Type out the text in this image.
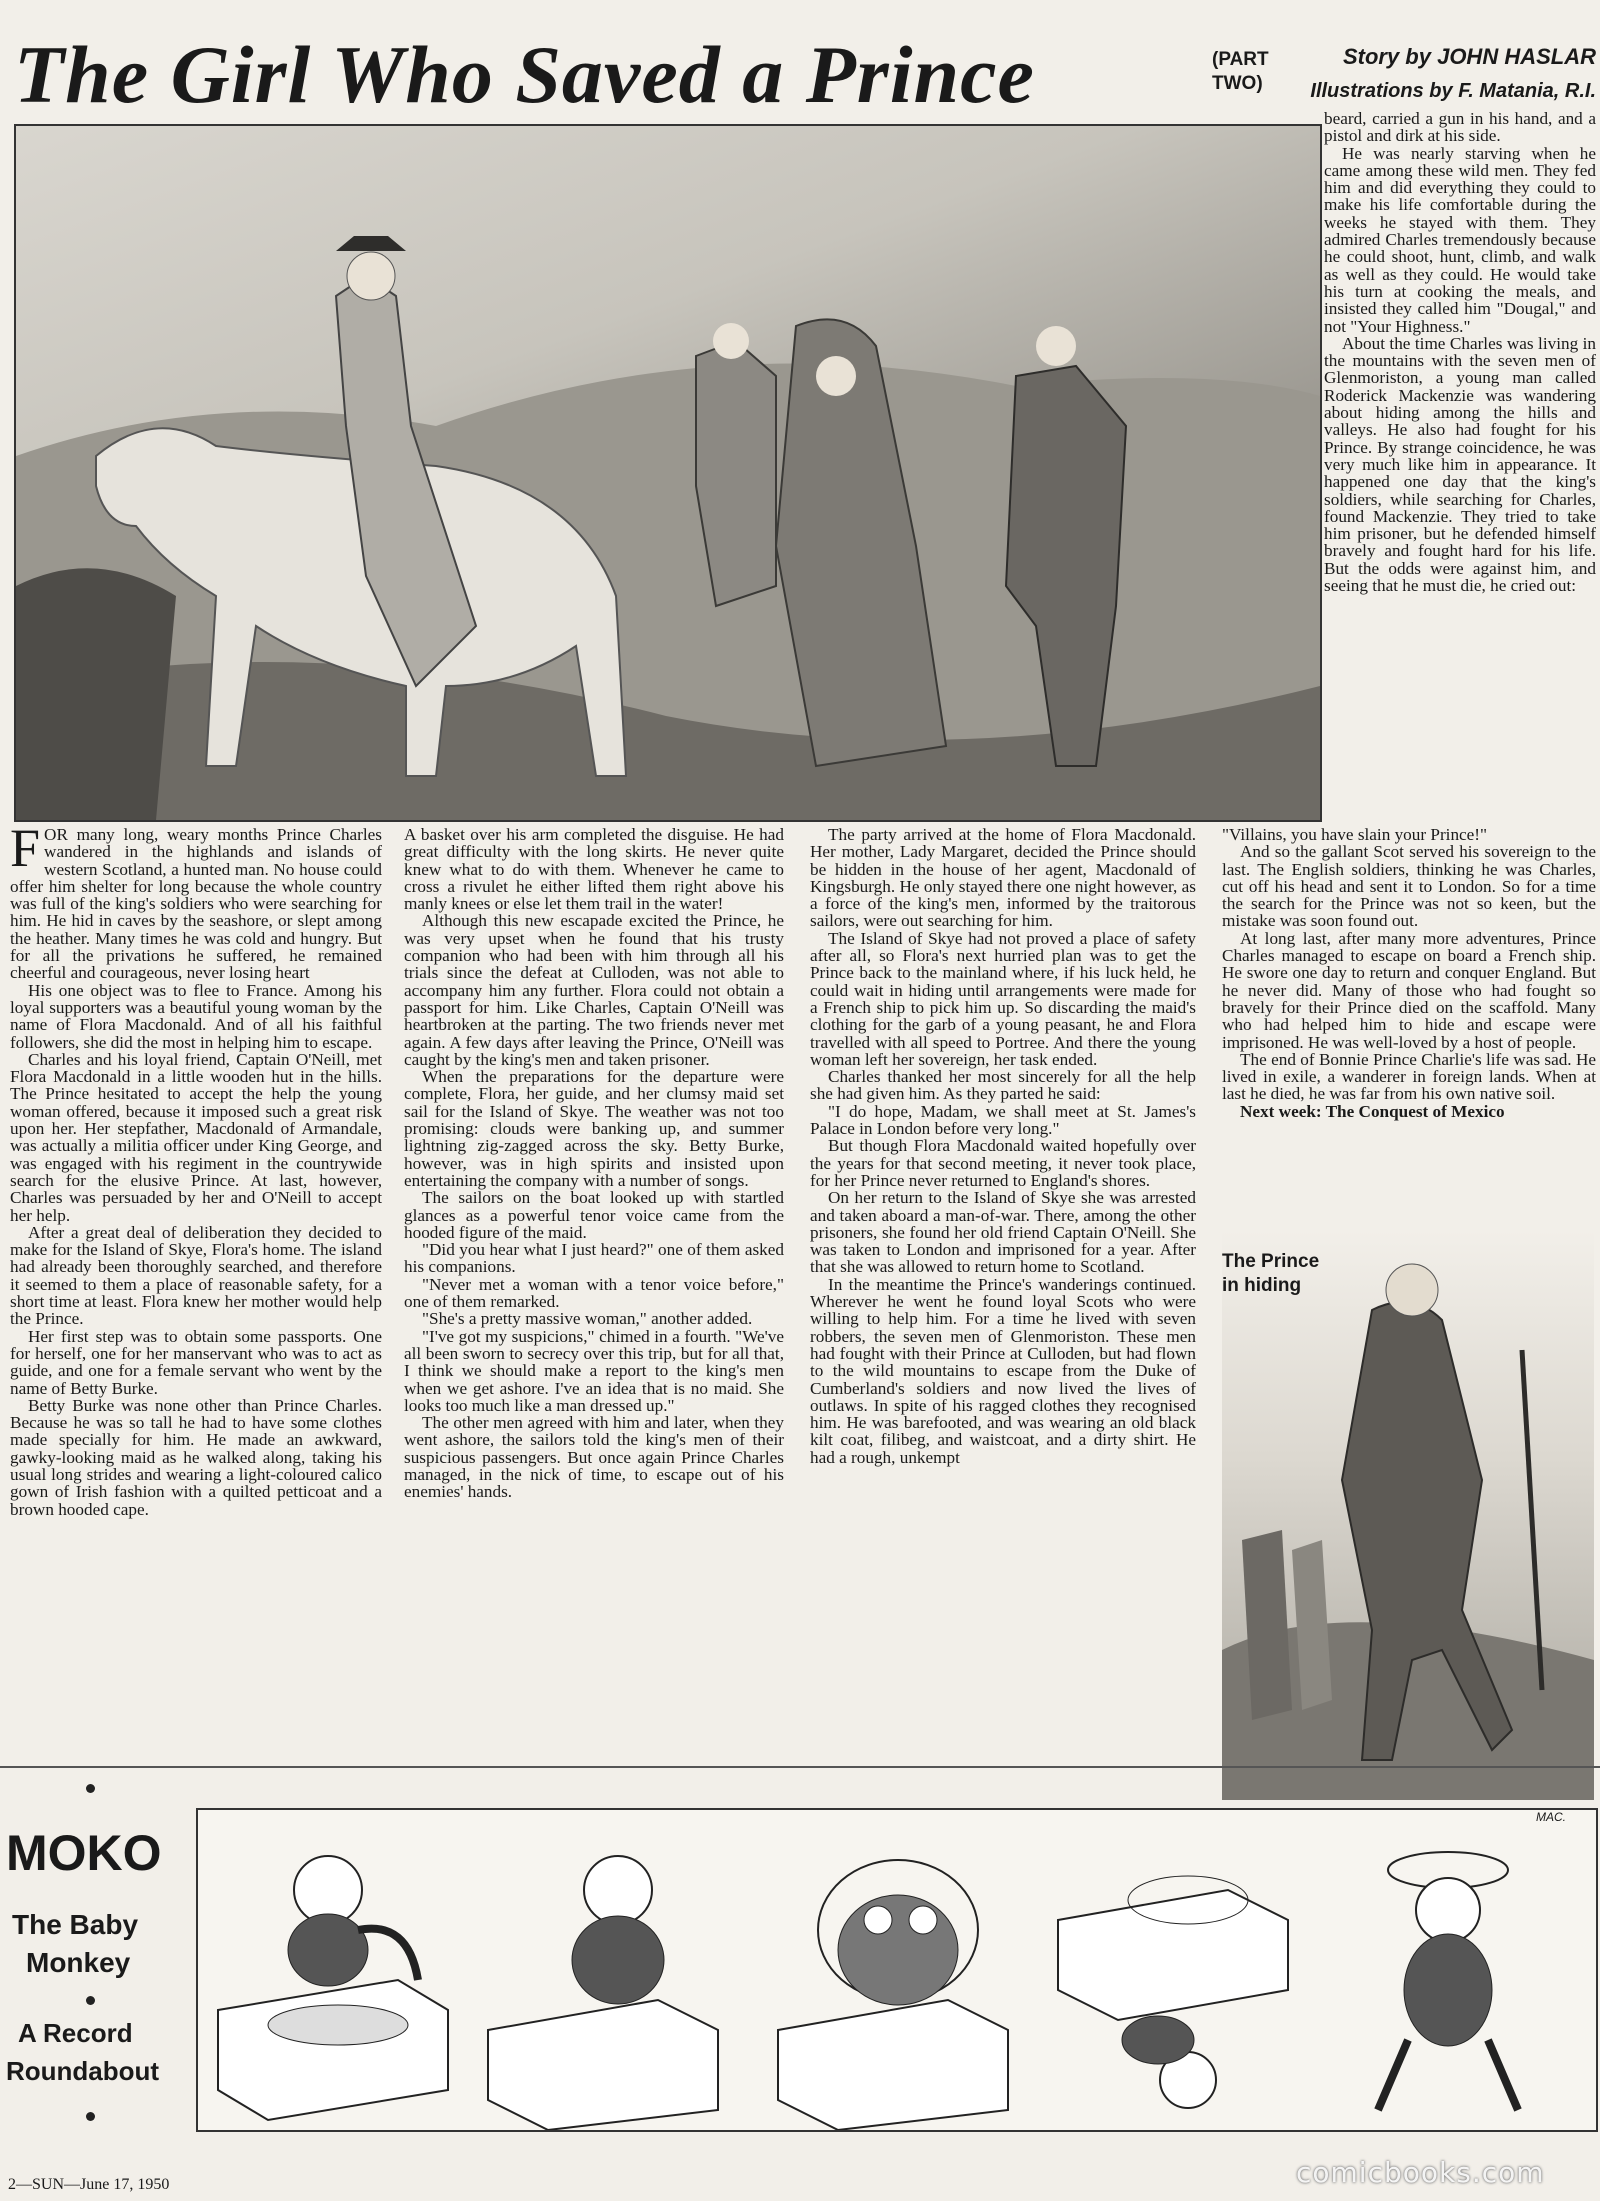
The Girl Who Saved a Prince	(PART
TWO)
Story by JOHN HASLAR
Illustrations by F. Matania, R.I.

FOR many long, weary months Prince Charles wandered in the highlands and islands of western Scotland, a hunted man. No house could offer him shelter for long because the whole country was full of the king's soldiers who were searching for him. He hid in caves by the seashore, or slept among the heather. Many times he was cold and hungry. But for all the privations he suffered, he remained cheerful and courageous, never losing heart

His one object was to flee to France. Among his loyal supporters was a beautiful young woman by the name of Flora Macdonald. And of all his faithful followers, she did the most in helping him to escape.

Charles and his loyal friend, Captain O'Neill, met Flora Macdonald in a little wooden hut in the hills. The Prince hesitated to accept the help the young woman offered, because it imposed such a great risk upon her. Her stepfather, Macdonald of Armandale, was actually a militia officer under King George, and was engaged with his regiment in the countrywide search for the elusive Prince. At last, however, Charles was persuaded by her and O'Neill to accept her help.

After a great deal of deliberation they decided to make for the Island of Skye, Flora's home. The island had already been thoroughly searched, and therefore it seemed to them a place of reasonable safety, for a short time at least. Flora knew her mother would help the Prince.

Her first step was to obtain some passports. One for herself, one for her manservant who was to act as guide, and one for a female servant who went by the name of Betty Burke.

Betty Burke was none other than Prince Charles. Because he was so tall he had to have some clothes made specially for him. He made an awkward, gawky-looking maid as he walked along, taking his usual long strides and wearing a light-coloured calico gown of Irish fashion with a quilted petticoat and a brown hooded cape.

A basket over his arm completed the disguise. He had great difficulty with the long skirts. He never quite knew what to do with them. Whenever he came to cross a rivulet he either lifted them right above his manly knees or else let them trail in the water!

Although this new escapade excited the Prince, he was very upset when he found that his trusty companion who had been with him through all his trials since the defeat at Culloden, was not able to accompany him any further. Flora could not obtain a passport for him. Like Charles, Captain O'Neill was heartbroken at the parting. The two friends never met again. A few days after leaving the Prince, O'Neill was caught by the king's men and taken prisoner.

When the preparations for the departure were complete, Flora, her guide, and her clumsy maid set sail for the Island of Skye. The weather was not too promising: clouds were banking up, and summer lightning zig-zagged across the sky. Betty Burke, however, was in high spirits and insisted upon entertaining the company with a number of songs.

The sailors on the boat looked up with startled glances as a powerful tenor voice came from the hooded figure of the maid.

"Did you hear what I just heard?" one of them asked his companions.

"Never met a woman with a tenor voice before," one of them remarked.

"She's a pretty massive woman," another added.

"I've got my suspicions," chimed in a fourth. "We've all been sworn to secrecy over this trip, but for all that, I think we should make a report to the king's men when we get ashore. I've an idea that is no maid. She looks too much like a man dressed up."

The other men agreed with him and later, when they went ashore, the sailors told the king's men of their suspicious passengers. But once again Prince Charles managed, in the nick of time, to escape out of his enemies' hands.

The party arrived at the home of Flora Macdonald. Her mother, Lady Margaret, decided the Prince should be hidden in the house of her agent, Macdonald of Kingsburgh. He only stayed there one night however, as a force of the king's men, informed by the traitorous sailors, were out searching for him.

The Island of Skye had not proved a place of safety after all, so Flora's next hurried plan was to get the Prince back to the mainland where, if his luck held, he could wait in hiding until arrangements were made for a French ship to pick him up. So discarding the maid's clothing for the garb of a young peasant, he and Flora travelled with all speed to Portree. And there the young woman left her sovereign, her task ended.

Charles thanked her most sincerely for all the help she had given him. As they parted he said:

"I do hope, Madam, we shall meet at St. James's Palace in London before very long."

But though Flora Macdonald waited hopefully over the years for that second meeting, it never took place, for her Prince never returned to England's shores.

On her return to the Island of Skye she was arrested and taken aboard a man-of-war. There, among the other prisoners, she found her old friend Captain O'Neill. She was taken to London and imprisoned for a year. After that she was allowed to return home to Scotland.

In the meantime the Prince's wanderings continued. Wherever he went he found loyal Scots who were willing to help him. For a time he lived with seven robbers, the seven men of Glenmoriston. These men had fought with their Prince at Culloden, but had flown to the wild mountains to escape from the Duke of Cumberland's soldiers and now lived the lives of outlaws. In spite of his ragged clothes they recognised him. He was barefooted, and was wearing an old black kilt coat, filibeg, and waistcoat, and a dirty shirt. He had a rough, unkempt

beard, carried a gun in his hand, and a pistol and dirk at his side.

He was nearly starving when he came among these wild men. They fed him and did everything they could to make his life comfortable during the weeks he stayed with them. They admired Charles tremendously because he could shoot, hunt, climb, and walk as well as they could. He would take his turn at cooking the meals, and insisted they called him "Dougal," and not "Your Highness."

About the time Charles was living in the mountains with the seven men of Glenmoriston, a young man called Roderick Mackenzie was wandering about hiding among the hills and valleys. He also had fought for his Prince. By strange coincidence, he was very much like him in appearance. It happened one day that the king's soldiers, while searching for Charles, found Mackenzie. They tried to take him prisoner, but he defended himself bravely and fought hard for his life. But the odds were against him, and seeing that he must die, he cried out:

"Villains, you have slain your Prince!"

And so the gallant Scot served his sovereign to the last. The English soldiers, thinking he was Charles, cut off his head and sent it to London. So for a time the search for the Prince was not so keen, but the mistake was soon found out.

At long last, after many more adventures, Prince Charles managed to escape on board a French ship. He swore one day to return and conquer England. But he never did. Many of those who had fought so bravely for their Prince died on the scaffold. Many who had helped him to hide and escape were imprisoned. He was well-loved by a host of people.

The end of Bonnie Prince Charlie's life was sad. He lived in exile, a wanderer in foreign lands. When at last he died, he was far from his own native soil.

Next week: The Conquest of Mexico

The Prince
in hiding
MOKO
The Baby
Monkey
A Record
Roundabout
MAC.
2—SUN—June 17, 1950	comicbooks.com
